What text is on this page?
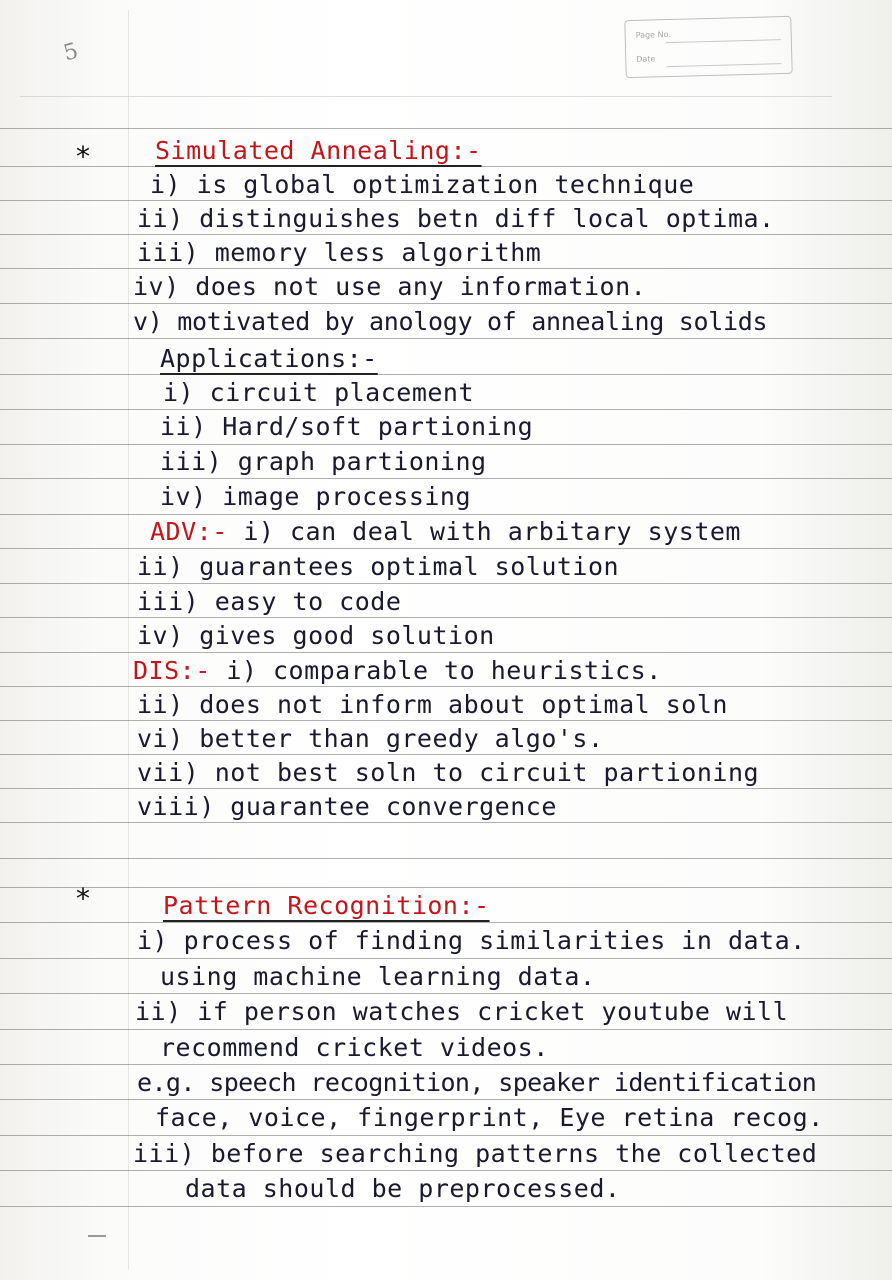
5
Page No.
Date
*	Simulated Annealing:-
i) is global optimization technique
ii) distinguishes betn diff local optima.
iii) memory less algorithm
iv) does not use any information.
v) motivated by anology of annealing solids
Applications:-
i) circuit placement
ii) Hard/soft partioning
iii) graph partioning
iv) image processing
ADV:- i) can deal with arbitary system
ii) guarantees optimal solution
iii) easy to code
iv) gives good solution
DIS:- i) comparable to heuristics.
ii) does not inform about optimal soln
vi) better than greedy algo's.
vii) not best soln to circuit partioning
viii) guarantee convergence
*	Pattern Recognition:-
i) process of finding similarities in data.
using machine learning data.
ii) if person watches cricket youtube will
recommend cricket videos.
e.g. speech recognition, speaker identification
face, voice, fingerprint, Eye retina recog.
iii) before searching patterns the collected
data should be preprocessed.
